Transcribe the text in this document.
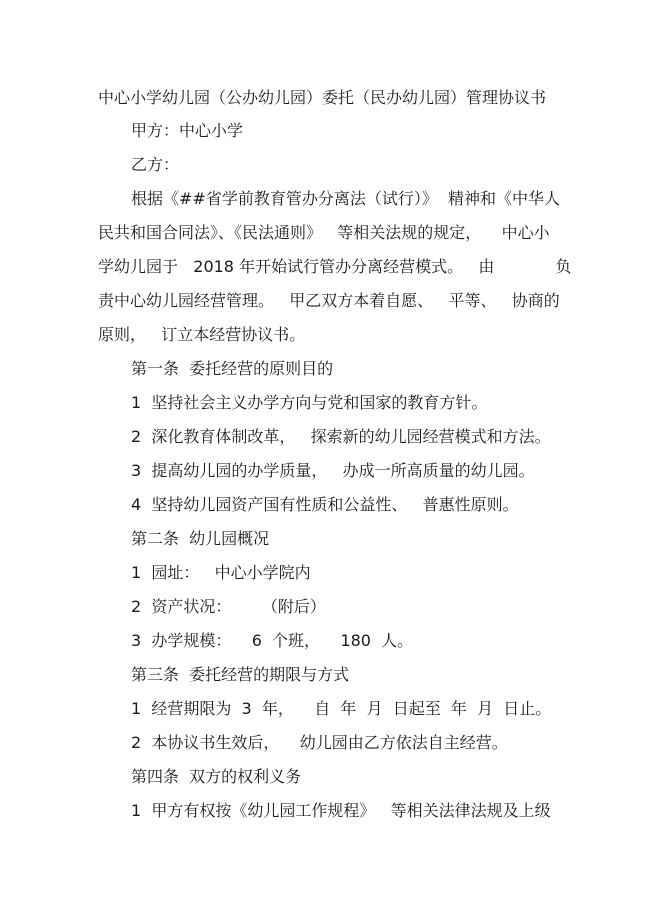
中心小学幼儿园（公办幼儿园）委托（民办幼儿园）管理协议书
甲方：中心小学
乙方：
根据《##省学前教育管办分离法（试行）》  精神和《中华人
民共和国合同法》、《民法通则》   等相关法规的规定，    中心小
学幼儿园于   2018 年开始试行管办分离经营模式。   由            负
责中心幼儿园经营管理。   甲乙双方本着自愿、   平等、   协商的
原则，   订立本经营协议书。
第一条  委托经营的原则目的
1  坚持社会主义办学方向与党和国家的教育方针。
2  深化教育体制改革，   探索新的幼儿园经营模式和方法。
3  提高幼儿园的办学质量，   办成一所高质量的幼儿园。
4  坚持幼儿园资产国有性质和公益性、   普惠性原则。
第二条  幼儿园概况
1  园址：   中心小学院内
2  资产状况：      （附后）
3  办学规模：    6  个班，    180  人。
第三条  委托经营的期限与方式
1  经营期限为  3  年，    自  年  月  日起至  年  月  日止。
2  本协议书生效后，    幼儿园由乙方依法自主经营。
第四条  双方的权利义务
1  甲方有权按《幼儿园工作规程》   等相关法律法规及上级
